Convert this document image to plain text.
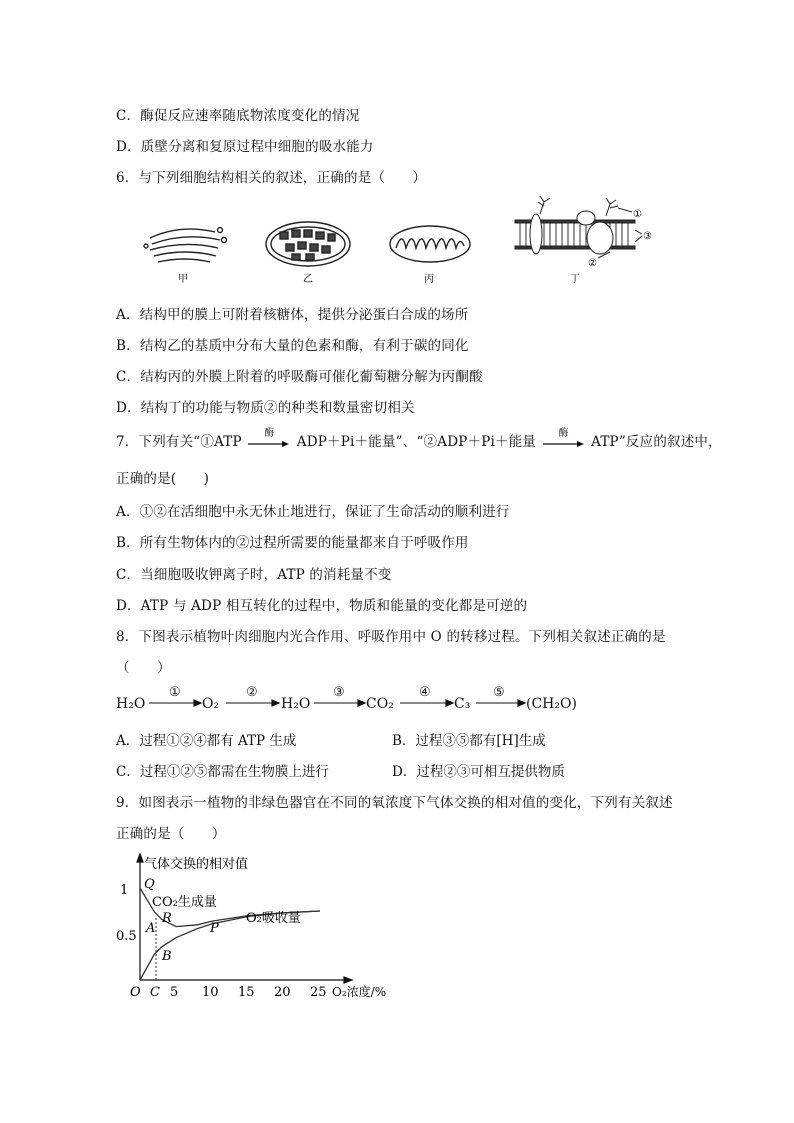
C．酶促反应速率随底物浓度变化的情况
D．质壁分离和复原过程中细胞的吸水能力
6．与下列细胞结构相关的叙述，正确的是（　　）
甲	乙	丙
①
②
③
丁
A．结构甲的膜上可附着核糖体，提供分泌蛋白合成的场所
B．结构乙的基质中分布大量的色素和酶，有利于碳的同化
C．结构丙的外膜上附着的呼吸酶可催化葡萄糖分解为丙酮酸
D．结构丁的功能与物质②的种类和数量密切相关
7．下列有关“①ATP
酶
ADP＋Pi＋能量”、“②ADP＋Pi＋能量
酶
ATP”反应的叙述中，
正确的是(　　)
A．①②在活细胞中永无休止地进行，保证了生命活动的顺利进行
B．所有生物体内的②过程所需要的能量都来自于呼吸作用
C．当细胞吸收钾离子时，ATP 的消耗量不变
D．ATP 与 ADP 相互转化的过程中，物质和能量的变化都是可逆的
8．下图表示植物叶肉细胞内光合作用、呼吸作用中 O 的转移过程。下列相关叙述正确的是
（　　）
H₂O	O₂	H₂O	CO₂	C₃	(CH₂O)
①	②	③	④	⑤
A．过程①②④都有 ATP 生成	B．过程③⑤都有[H]生成
C．过程①②⑤都需在生物膜上进行	D．过程②③可相互提供物质
9．如图表示一植物的非绿色器官在不同的氧浓度下气体交换的相对值的变化，下列有关叙述
正确的是（　　）
气体交换的相对值
O₂浓度/%
O
1
0.5
5 10 15 20 25
C
Q
CO₂生成量
R
A
B
P
O₂吸收量
